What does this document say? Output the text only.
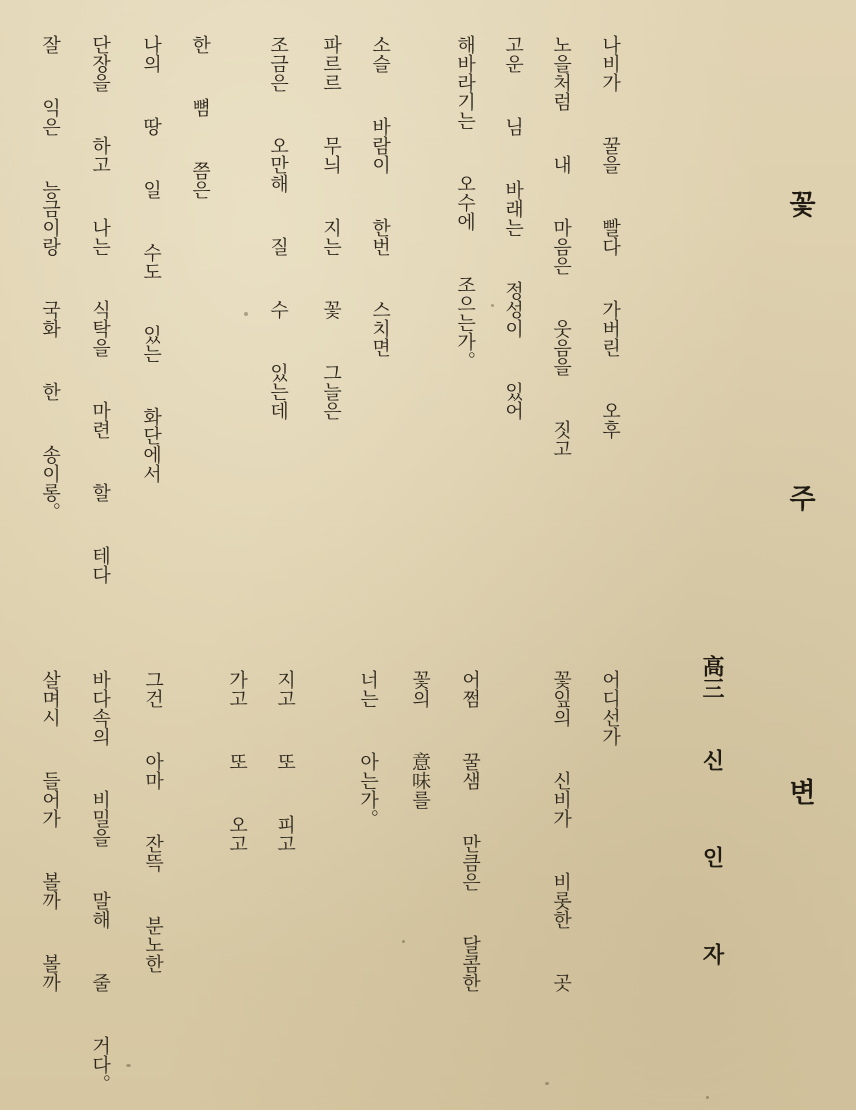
꽃 주 변
高三  신   인   자
나비가  꿀을  빨다  가버린  오후
노을처럼  내  마음은  웃음을  짓고
고운  님  바래는  정성이  있어
해바라기는  오수에  조으는가。
소슬  바람이  한번  스치면
파르르  무늬  지는  꽃  그늘은
조금은  오만해  질  수  있는데
한  뼘  쯤은
나의  땅  일  수도  있는  화단에서
단장을  하고  나는  식탁을  마련  할  테다
잘  익은  능금이랑  국화  한  송이롱。
어디선가
꽃잎의  신비가  비롯한  곳
어쩜  꿀샘  만큼은  달콤한
꽃의  意味를
너는  아는가。
지고  또  피고
가고  또  오고
그건  아마  잔뜩  분노한
바다속의  비밀을  말해  줄  거다。
살며시  들어가  볼까  볼까
